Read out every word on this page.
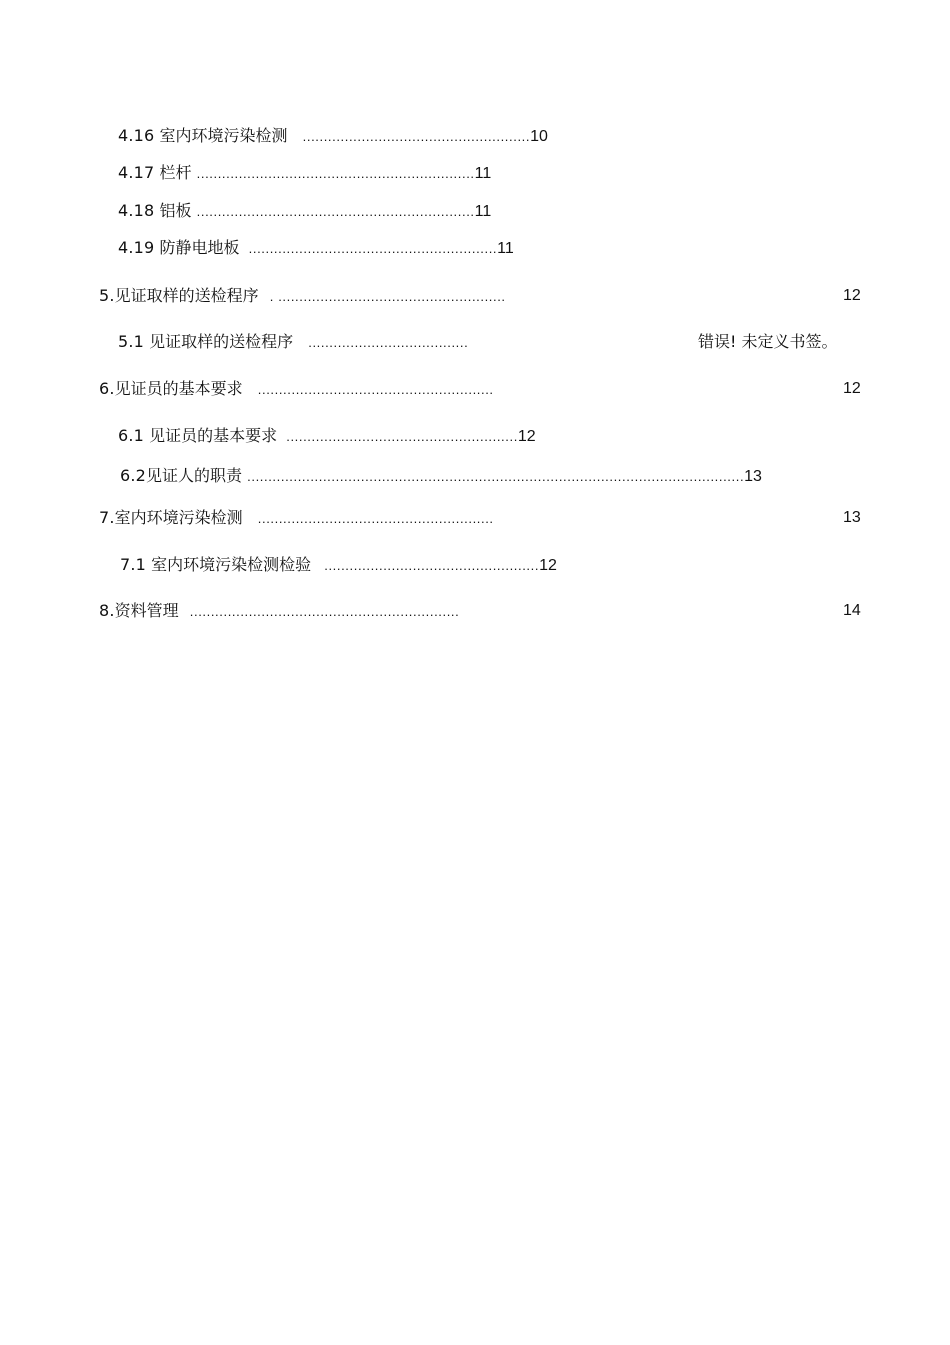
4.16 室内环境污染检测 ......................................................10
4.17 栏杆 ..................................................................11
4.18 铝板 ..................................................................11
4.19 防静电地板 ...........................................................11
5.见证取样的送检程序 . ......................................................	12
5.1 见证取样的送检程序 ......................................	错误! 未定义书签。
6.见证员的基本要求 ........................................................	12
6.1 见证员的基本要求 .......................................................12
6.2见证人的职责 ......................................................................................................................13
7.室内环境污染检测 ........................................................	13
7.1 室内环境污染检测检验 ...................................................12
8.资料管理 ................................................................	14
